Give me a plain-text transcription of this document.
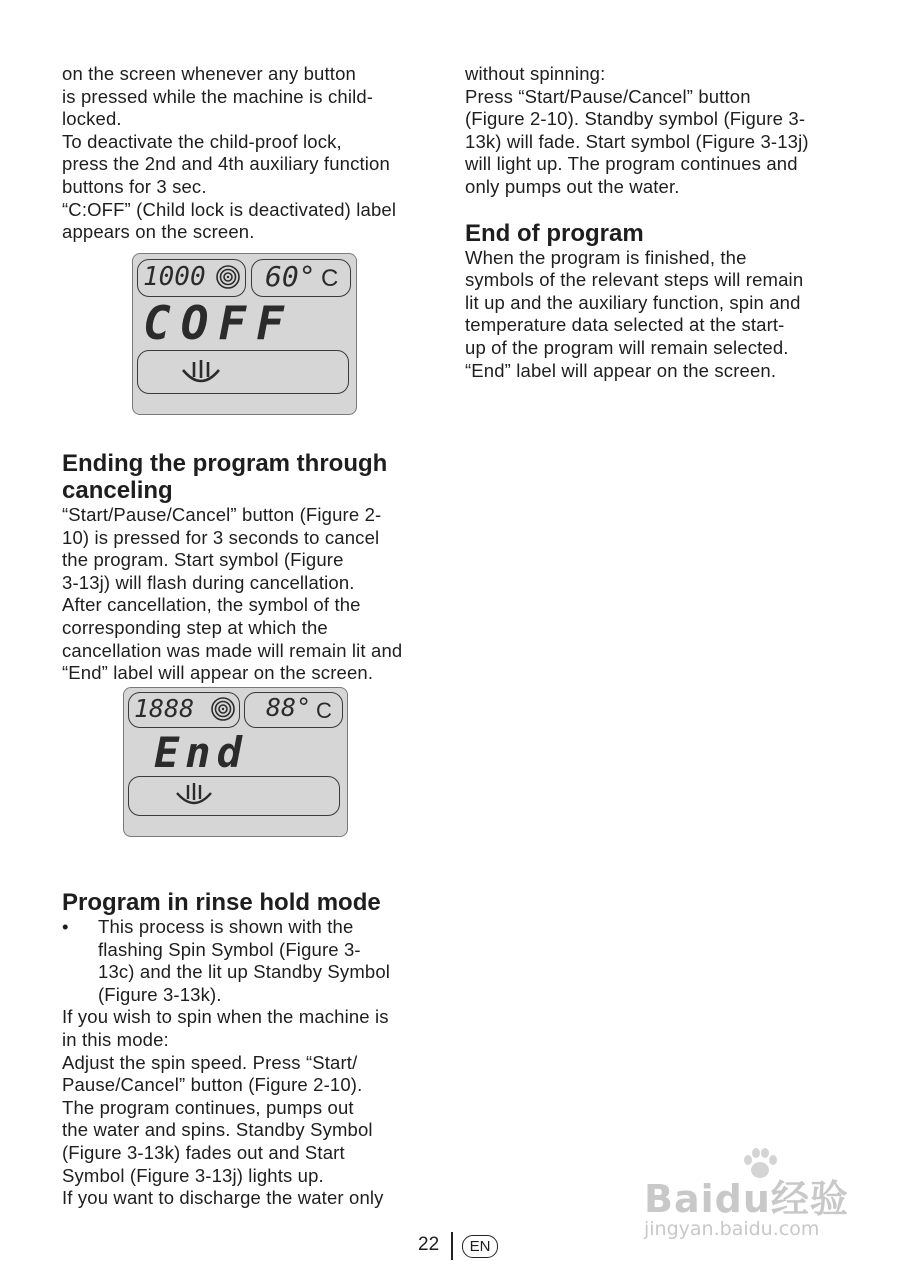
on the screen whenever any button
is pressed while the machine is child-
locked.
To deactivate the child-proof lock,
press the 2nd and 4th auxiliary function
buttons for 3 sec.
“C:OFF” (Child lock is deactivated) label
appears on the screen.
1000 60° C
COFF
Ending the program through
canceling
“Start/Pause/Cancel” button (Figure 2-
10) is pressed for 3 seconds to cancel
the program. Start symbol (Figure
3-13j) will flash during cancellation.
After cancellation, the symbol of the
corresponding step at which the
cancellation was made will remain lit and
“End” label will appear on the screen.
1888	88° C
End
Program in rinse hold mode
• This process is shown with the
flashing Spin Symbol (Figure 3-
13c) and the lit up Standby Symbol
(Figure 3-13k).
If you wish to spin when the machine is
in this mode:
Adjust the spin speed. Press “Start/
Pause/Cancel” button (Figure 2-10).
The program continues, pumps out
the water and spins. Standby Symbol
(Figure 3-13k) fades out and Start
Symbol (Figure 3-13j) lights up.
If you want to discharge the water only
without spinning:
Press “Start/Pause/Cancel” button
(Figure 2-10). Standby symbol (Figure 3-
13k) will fade. Start symbol (Figure 3-13j)
will light up. The program continues and
only pumps out the water.
End of program
When the program is finished, the
symbols of the relevant steps will remain
lit up and the auxiliary function, spin and
temperature data selected at the start-
up of the program will remain selected.
“End” label will appear on the screen.
Baidu经验
jingyan.baidu.com
22	EN
